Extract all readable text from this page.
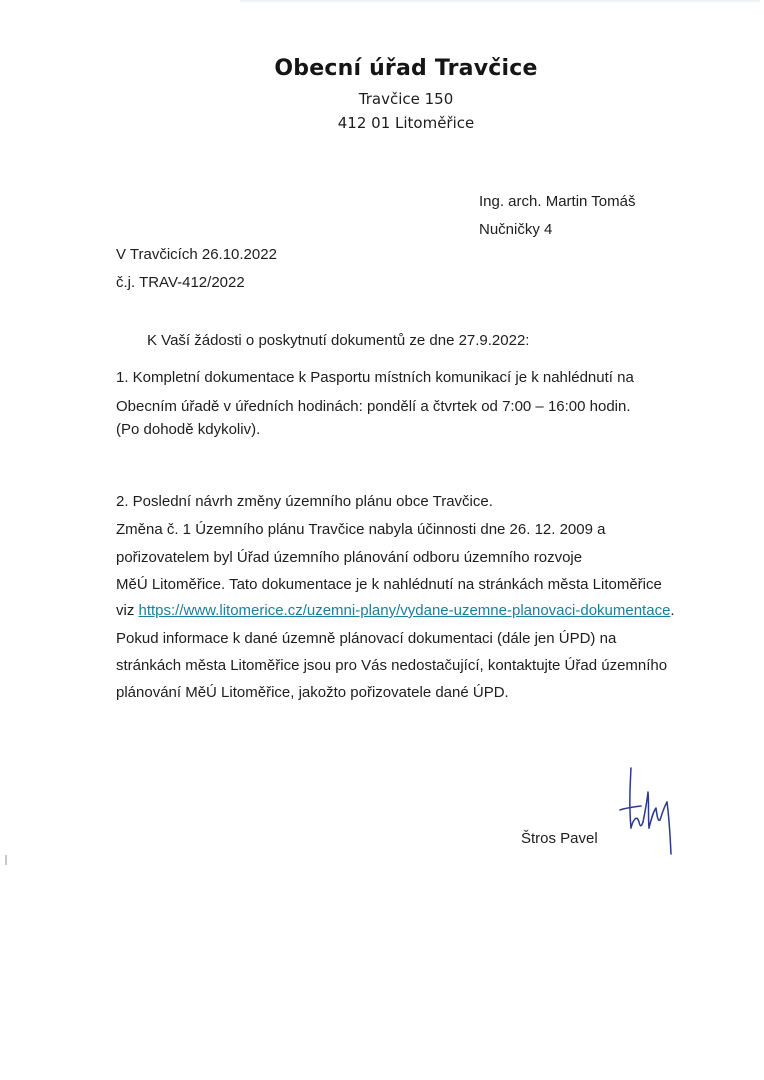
Obecní úřad Travčice
Travčice 150
412 01 Litoměřice
Ing. arch. Martin Tomáš
Nučničky 4
V Travčicích 26.10.2022
č.j. TRAV-412/2022
K Vaší žádosti o poskytnutí dokumentů ze dne 27.9.2022:
1. Kompletní dokumentace k Pasportu místních komunikací je k nahlédnutí na
Obecním úřadě v úředních hodinách: pondělí a čtvrtek od 7:00 – 16:00 hodin.
(Po dohodě kdykoliv).
2. Poslední návrh změny územního plánu obce Travčice.
Změna č. 1 Územního plánu Travčice nabyla účinnosti dne 26. 12. 2009 a
pořizovatelem byl Úřad územního plánování odboru územního rozvoje
MěÚ Litoměřice. Tato dokumentace je k nahlédnutí na stránkách města Litoměřice
viz https://www.litomerice.cz/uzemni-plany/vydane-uzemne-planovaci-dokumentace.
Pokud informace k dané územně plánovací dokumentaci (dále jen ÚPD) na
stránkách města Litoměřice jsou pro Vás nedostačující, kontaktujte Úřad územního
plánování MěÚ Litoměřice, jakožto pořizovatele dané ÚPD.
Štros Pavel
